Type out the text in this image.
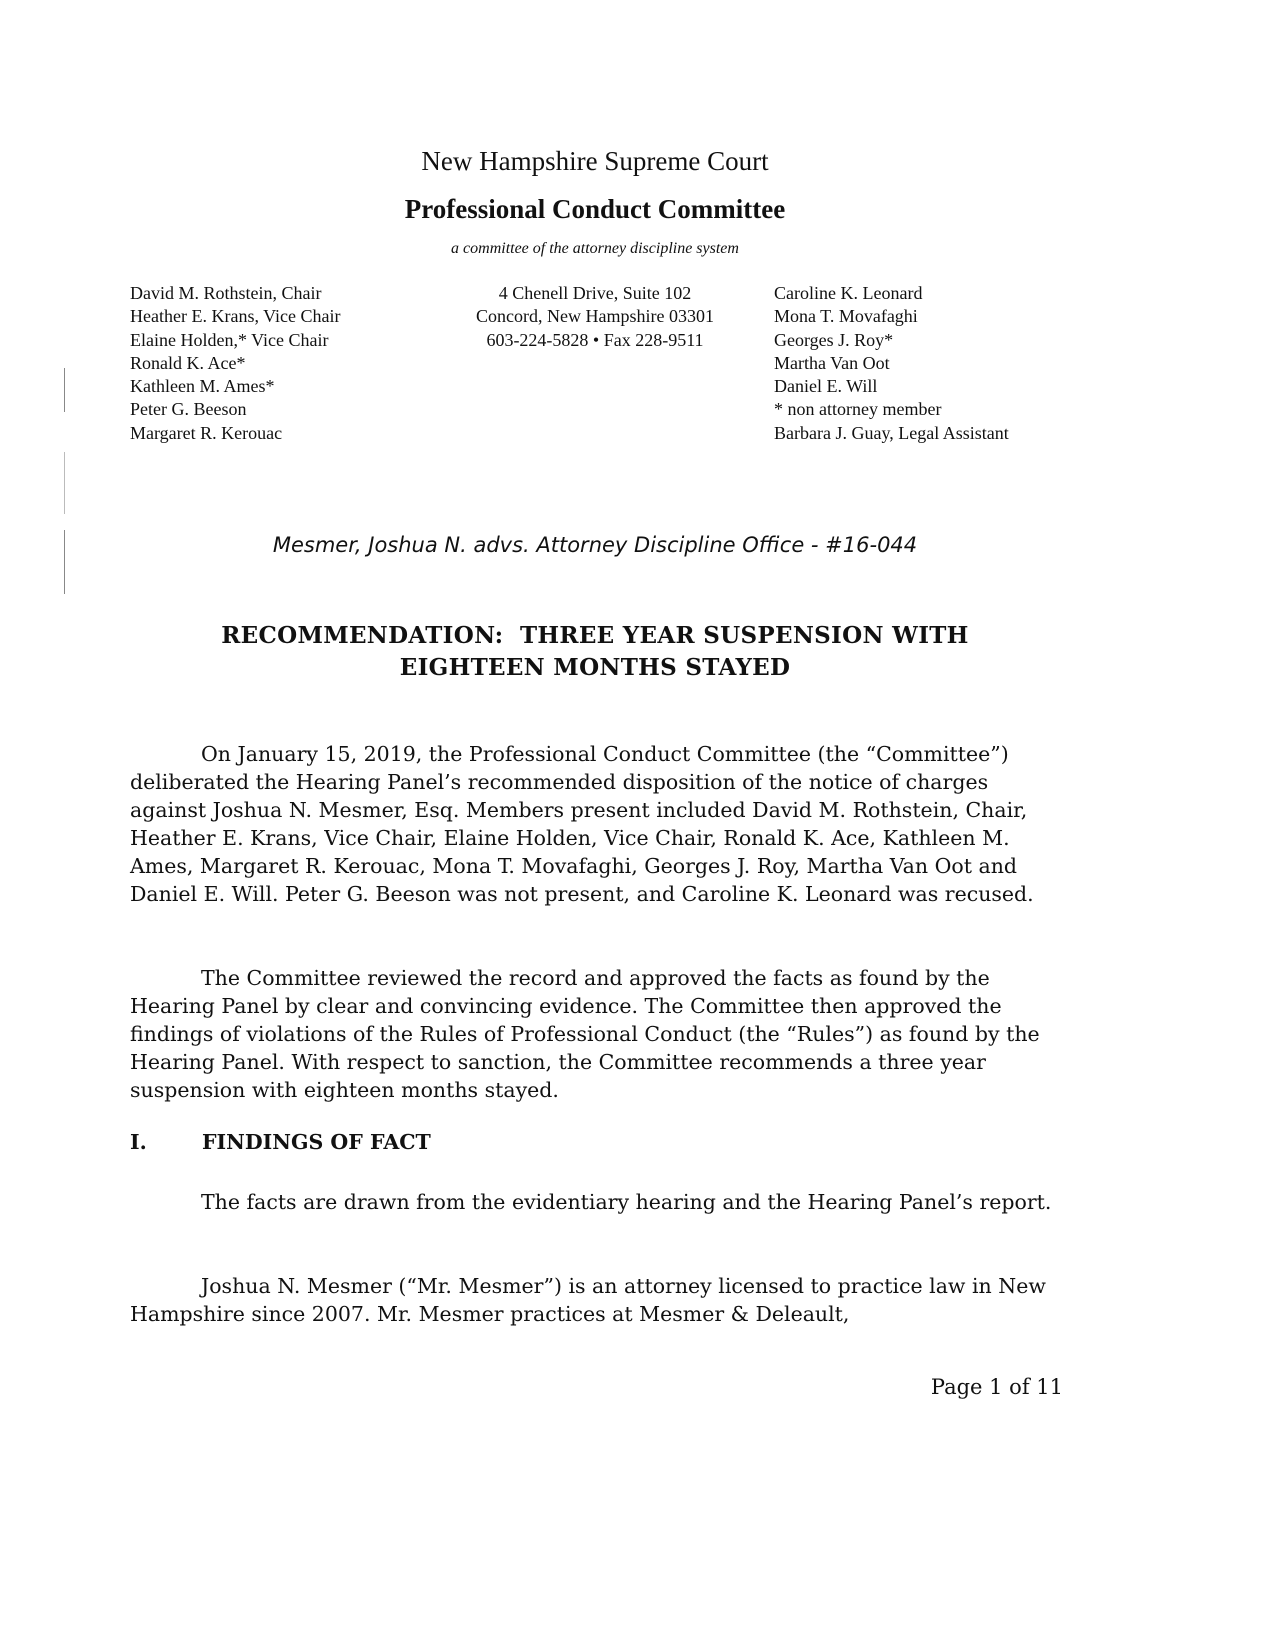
New Hampshire Supreme Court
Professional Conduct Committee
a committee of the attorney discipline system
David M. Rothstein, Chair
Heather E. Krans, Vice Chair
Elaine Holden,* Vice Chair
Ronald K. Ace*
Kathleen M. Ames*
Peter G. Beeson
Margaret R. Kerouac
4 Chenell Drive, Suite 102
Concord, New Hampshire 03301
603-224-5828 • Fax 228-9511
Caroline K. Leonard
Mona T. Movafaghi
Georges J. Roy*
Martha Van Oot
Daniel E. Will
* non attorney member
Barbara J. Guay, Legal Assistant
Mesmer, Joshua N. advs. Attorney Discipline Office - #16-044
RECOMMENDATION:  THREE YEAR SUSPENSION WITH
EIGHTEEN MONTHS STAYED

On January 15, 2019, the Professional Conduct Committee (the “Committee”) deliberated the Hearing Panel’s recommended disposition of the notice of charges against Joshua N. Mesmer, Esq. Members present included David M. Rothstein, Chair, Heather E. Krans, Vice Chair, Elaine Holden, Vice Chair, Ronald K. Ace, Kathleen M. Ames, Margaret R. Kerouac, Mona T. Movafaghi, Georges J. Roy, Martha Van Oot and Daniel E. Will. Peter G. Beeson was not present, and Caroline K. Leonard was recused.

The Committee reviewed the record and approved the facts as found by the Hearing Panel by clear and convincing evidence. The Committee then approved the findings of violations of the Rules of Professional Conduct (the “Rules”) as found by the Hearing Panel. With respect to sanction, the Committee recommends a three year suspension with eighteen months stayed.

I.	FINDINGS OF FACT

The facts are drawn from the evidentiary hearing and the Hearing Panel’s report.

Joshua N. Mesmer (“Mr. Mesmer”) is an attorney licensed to practice law in New Hampshire since 2007. Mr. Mesmer practices at Mesmer & Deleault,

Page 1 of 11
